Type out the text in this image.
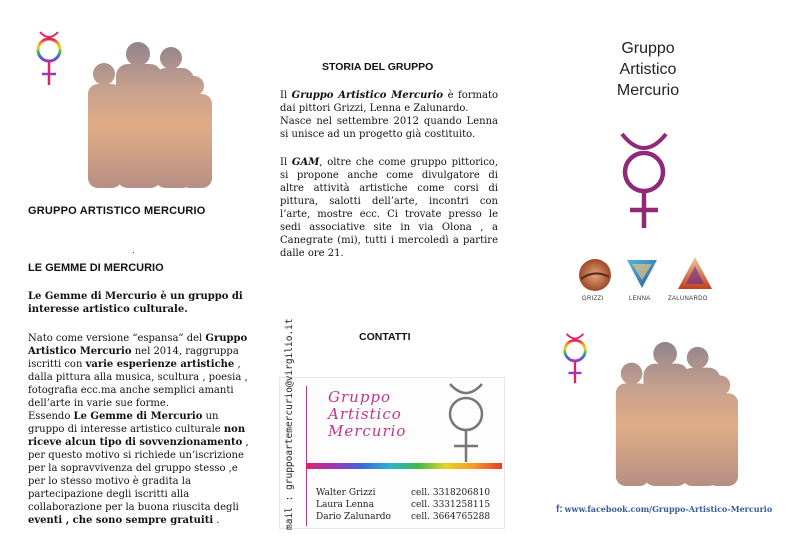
GRUPPO ARTISTICO MERCURIO
.
LE GEMME DI MERCURIO
Le Gemme di Mercurio è un gruppo di interesse artistico culturale.
Nato come versione “espansa” del Gruppo Artistico Mercurio nel 2014, raggruppa iscritti con varie esperienze artistiche , dalla pittura alla musica, scultura , poesia , fotografia ecc.ma anche semplici amanti dell’arte in varie sue forme.
Essendo Le Gemme di Mercurio un gruppo di interesse artistico culturale non riceve alcun tipo di sovvenzionamento , per questo motivo si richiede un’iscrizione per la sopravvivenza del gruppo stesso ,e per lo stesso motivo è gradita la partecipazione degli iscritti alla collaborazione per la buona riuscita degli eventi , che sono sempre gratuiti .
STORIA DEL GRUPPO
Il Gruppo Artistico Mercurio è formato dai pittori Grizzi, Lenna e Zalunardo.
Nasce nel settembre 2012 quando Lenna si unisce ad un progetto già costituito.
Il GAM, oltre che come gruppo pittorico, si propone anche come divulgatore di altre attività artistiche come corsi di pittura, salotti dell’arte, incontri con l’arte, mostre ecc. Ci trovate presso le sedi associative site in via Olona , a Canegrate (mi), tutti i mercoledì a partire dalle ore 21.
CONTATTI
mail : gruppoartemercurio@virgilio.it Gruppo
Artistico
Mercurio
Walter Grizzi
Laura Lenna
Dario Zalunardo
cell. 3318206810
cell. 3331258115
cell. 3664765288
Gruppo
Artistico
Mercurio
GRIZZI	LENNA	ZALUNARDO
f: www.facebook.com/Gruppo-Artistico-Mercurio
